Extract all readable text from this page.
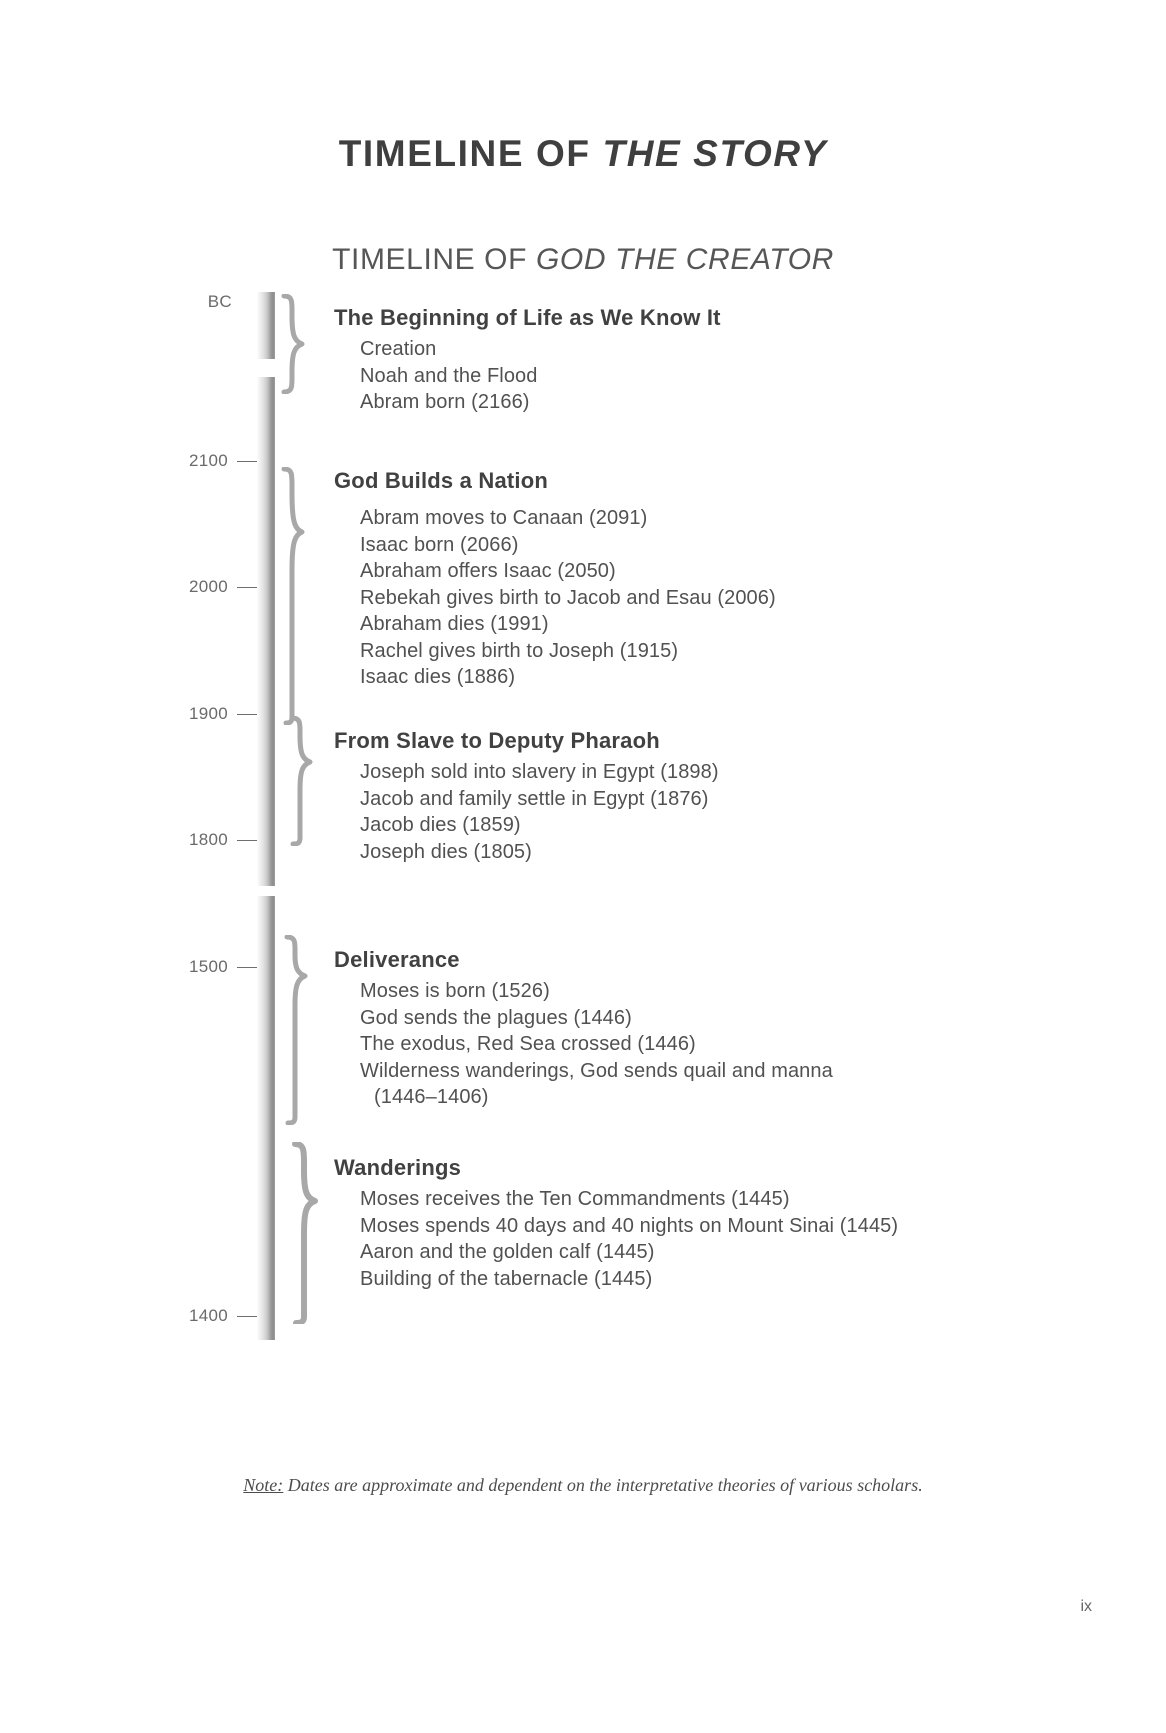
TIMELINE OF THE STORY
TIMELINE OF GOD THE CREATOR
BC
2100
2000
1900
1800
1500
1400
The Beginning of Life as We Know It
Creation
Noah and the Flood
Abram born (2166)
God Builds a Nation
Abram moves to Canaan (2091)
Isaac born (2066)
Abraham offers Isaac (2050)
Rebekah gives birth to Jacob and Esau (2006)
Abraham dies (1991)
Rachel gives birth to Joseph (1915)
Isaac dies (1886)
From Slave to Deputy Pharaoh
Joseph sold into slavery in Egypt (1898)
Jacob and family settle in Egypt (1876)
Jacob dies (1859)
Joseph dies (1805)
Deliverance
Moses is born (1526)
God sends the plagues (1446)
The exodus, Red Sea crossed (1446)
Wilderness wanderings, God sends quail and manna
(1446–1406)
Wanderings
Moses receives the Ten Commandments (1445)
Moses spends 40 days and 40 nights on Mount Sinai (1445)
Aaron and the golden calf (1445)
Building of the tabernacle (1445)
Note: Dates are approximate and dependent on the interpretative theories of various scholars.
ix
